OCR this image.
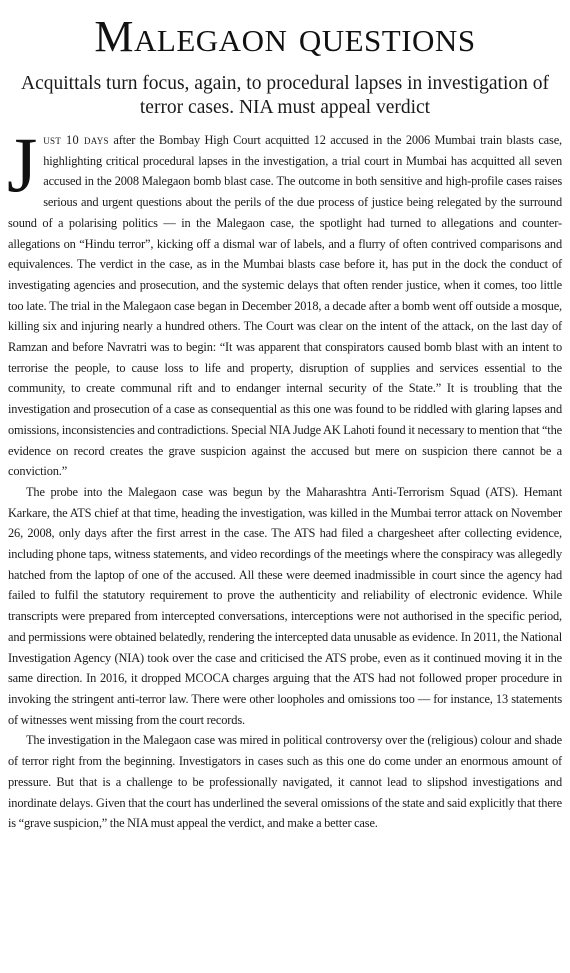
Malegaon questions
Acquittals turn focus, again, to procedural lapses in investigation of terror cases. NIA must appeal verdict

Just 10 days after the Bombay High Court acquitted 12 accused in the 2006 Mumbai train blasts case, highlighting critical procedural lapses in the investigation, a trial court in Mumbai has acquitted all seven accused in the 2008 Malegaon bomb blast case. The outcome in both sensitive and high-profile cases raises serious and urgent questions about the perils of the due process of justice being relegated by the surround sound of a polarising politics — in the Malegaon case, the spotlight had turned to allegations and counter-allegations on “Hindu terror”, kicking off a dismal war of labels, and a flurry of often contrived comparisons and equivalences. The verdict in the case, as in the Mumbai blasts case before it, has put in the dock the conduct of investigating agencies and prosecution, and the systemic delays that often render justice, when it comes, too little too late. The trial in the Malegaon case began in December 2018, a decade after a bomb went off outside a mosque, killing six and injuring nearly a hundred others. The Court was clear on the intent of the attack, on the last day of Ramzan and before Navratri was to begin: “It was apparent that conspirators caused bomb blast with an intent to terrorise the people, to cause loss to life and property, disruption of supplies and services essential to the community, to create communal rift and to endanger internal security of the State.” It is troubling that the investigation and prosecution of a case as consequential as this one was found to be riddled with glaring lapses and omissions, inconsistencies and contradictions. Special NIA Judge AK Lahoti found it necessary to mention that “the evidence on record creates the grave suspicion against the accused but mere on suspicion there cannot be a conviction.”

The probe into the Malegaon case was begun by the Maharashtra Anti-Terrorism Squad (ATS). Hemant Karkare, the ATS chief at that time, heading the investigation, was killed in the Mumbai terror attack on November 26, 2008, only days after the first arrest in the case. The ATS had filed a chargesheet after collecting evidence, including phone taps, witness statements, and video recordings of the meetings where the conspiracy was allegedly hatched from the laptop of one of the accused. All these were deemed inadmissible in court since the agency had failed to fulfil the statutory requirement to prove the authenticity and reliability of electronic evidence. While transcripts were prepared from intercepted conversations, interceptions were not authorised in the specific period, and permissions were obtained belatedly, rendering the intercepted data unusable as evidence. In 2011, the National Investigation Agency (NIA) took over the case and criticised the ATS probe, even as it continued moving it in the same direction. In 2016, it dropped MCOCA charges arguing that the ATS had not followed proper procedure in invoking the stringent anti-terror law. There were other loopholes and omissions too — for instance, 13 statements of witnesses went missing from the court records.

The investigation in the Malegaon case was mired in political controversy over the (religious) colour and shade of terror right from the beginning. Investigators in cases such as this one do come under an enormous amount of pressure. But that is a challenge to be professionally navigated, it cannot lead to slipshod investigations and inordinate delays. Given that the court has underlined the several omissions of the state and said explicitly that there is “grave suspicion,” the NIA must appeal the verdict, and make a better case.
